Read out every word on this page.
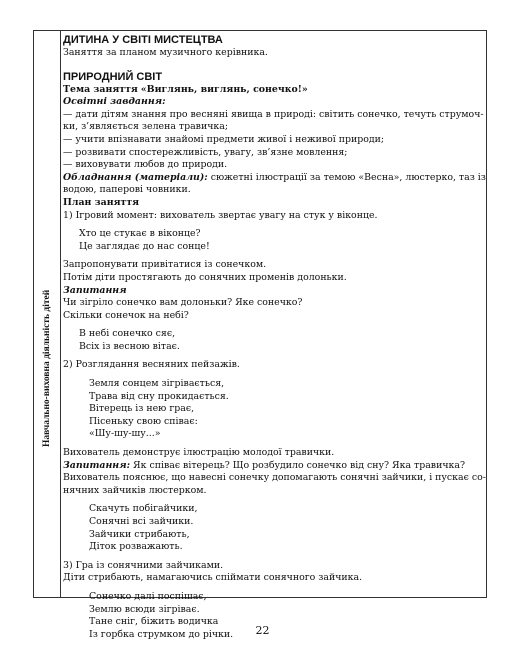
Навчально-виховна діяльність дітей
ДИТИНА У СВІТІ МИСТЕЦТВА
Заняття за планом музичного керівника.
ПРИРОДНИЙ СВІТ
Тема заняття «Виглянь, виглянь, сонечко!»
Освітні завдання:
— дати дітям знання про весняні явища в природі: світить сонечко, течуть струмоч-
ки, з’являється зелена травичка;
— учити впізнавати знайомі предмети живої і неживої природи;
— розвивати спостережливість, увагу, зв’язне мовлення;
— виховувати любов до природи.
Обладнання (матеріали): сюжетні ілюстрації за темою «Весна», люстерко, таз із
водою, паперові човники.
План заняття
1) Ігровий момент: вихователь звертає увагу на стук у віконце.
Хто це стукає в віконце?
Це заглядає до нас сонце!
Запропонувати привітатися із сонечком.
Потім діти простягають до сонячних променів долоньки.
Запитання
Чи зігріло сонечко вам долоньки? Яке сонечко?
Скільки сонечок на небі?
В небі сонечко сяє,
Всіх із весною вітає.
2) Розглядання весняних пейзажів.
Земля сонцем зігрівається,
Трава від сну прокидається.
Вітерець із нею грає,
Пісеньку свою співає:
«Шу-шу-шу...»
Вихователь демонструє ілюстрацію молодої травички.
Запитання: Як співає вітерець? Що розбудило сонечко від сну? Яка травичка?
Вихователь пояснює, що навесні сонечку допомагають сонячні зайчики, і пускає со-
нячних зайчиків люстерком.
Скачуть побігайчики,
Сонячні всі зайчики.
Зайчики стрибають,
Діток розважають.
3) Гра із сонячними зайчиками.
Діти стрибають, намагаючись спіймати сонячного зайчика.
Сонечко далі поспішає,
Землю всюди зігріває.
Тане сніг, біжить водичка
Із горбка струмком до річки.	22
